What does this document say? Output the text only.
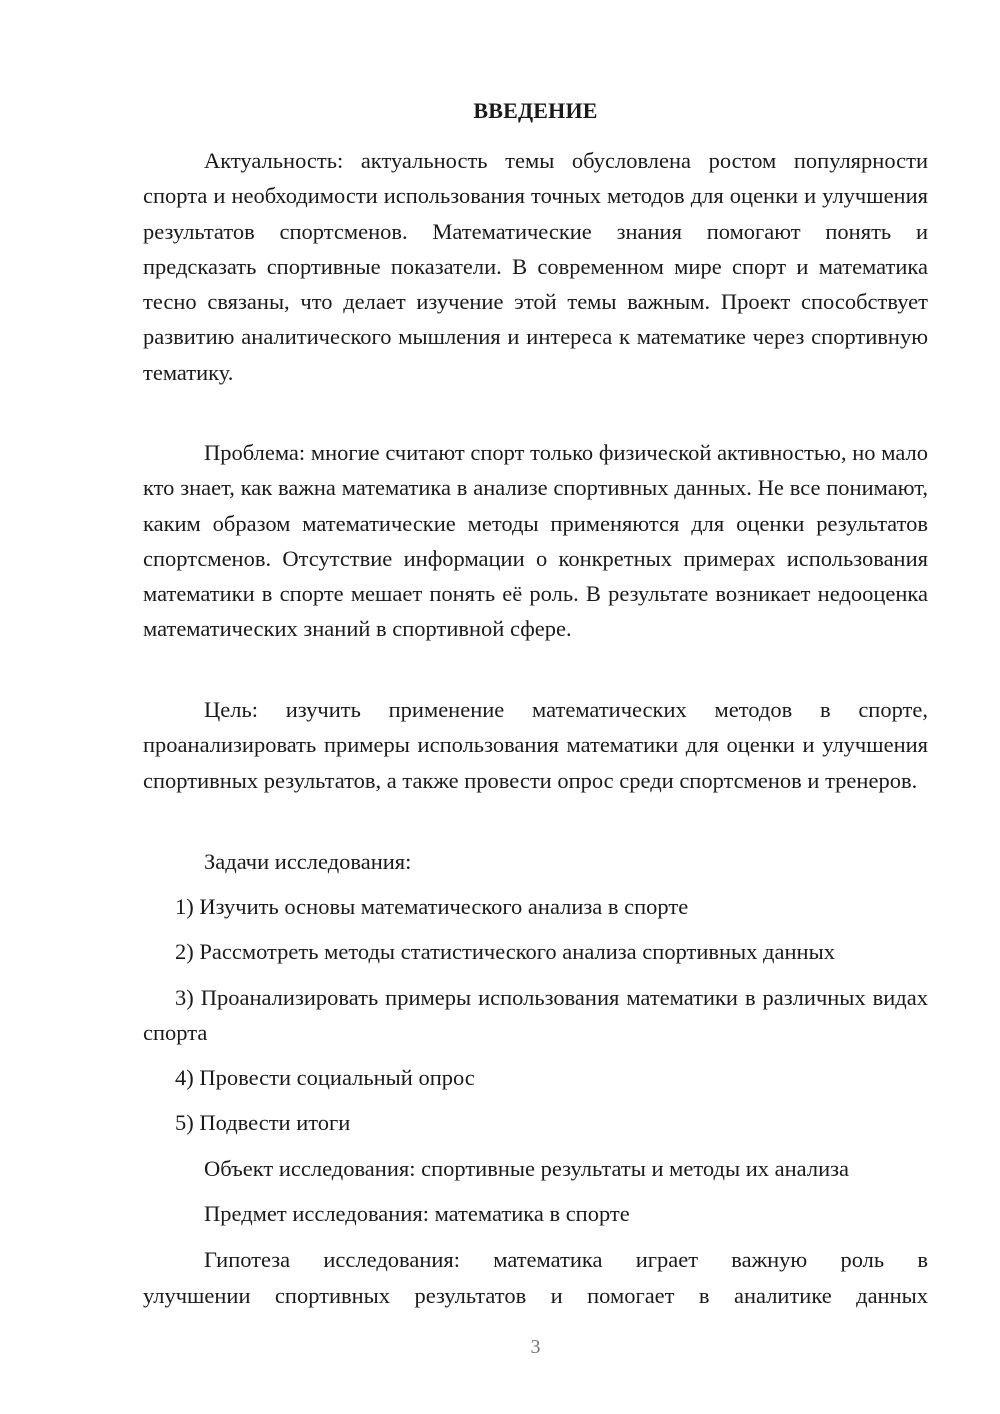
ВВЕДЕНИЕ

Актуальность: актуальность темы обусловлена ростом популярности спорта и необходимости использования точных методов для оценки и улучшения результатов спортсменов. Математические знания помогают понять и предсказать спортивные показатели. В современном мире спорт и математика тесно связаны, что делает изучение этой темы важным. Проект способствует развитию аналитического мышления и интереса к математике через спортивную тематику.

Проблема: многие считают спорт только физической активностью, но мало кто знает, как важна математика в анализе спортивных данных. Не все понимают, каким образом математические методы применяются для оценки результатов спортсменов. Отсутствие информации о конкретных примерах использования математики в спорте мешает понять её роль. В результате возникает недооценка математических знаний в спортивной сфере.

Цель: изучить применение математических методов в спорте, проанализировать примеры использования математики для оценки и улучшения спортивных результатов, а также провести опрос среди спортсменов и тренеров.

Задачи исследования:

1) Изучить основы математического анализа в спорте

2) Рассмотреть методы статистического анализа спортивных данных

3) Проанализировать примеры использования математики в различных видах спорта

4) Провести социальный опрос

5) Подвести итоги

Объект исследования: спортивные результаты и методы их анализа

Предмет исследования: математика в спорте

Гипотеза исследования: математика играет важную роль в

улучшении спортивных результатов и помогает в аналитике данных

3
